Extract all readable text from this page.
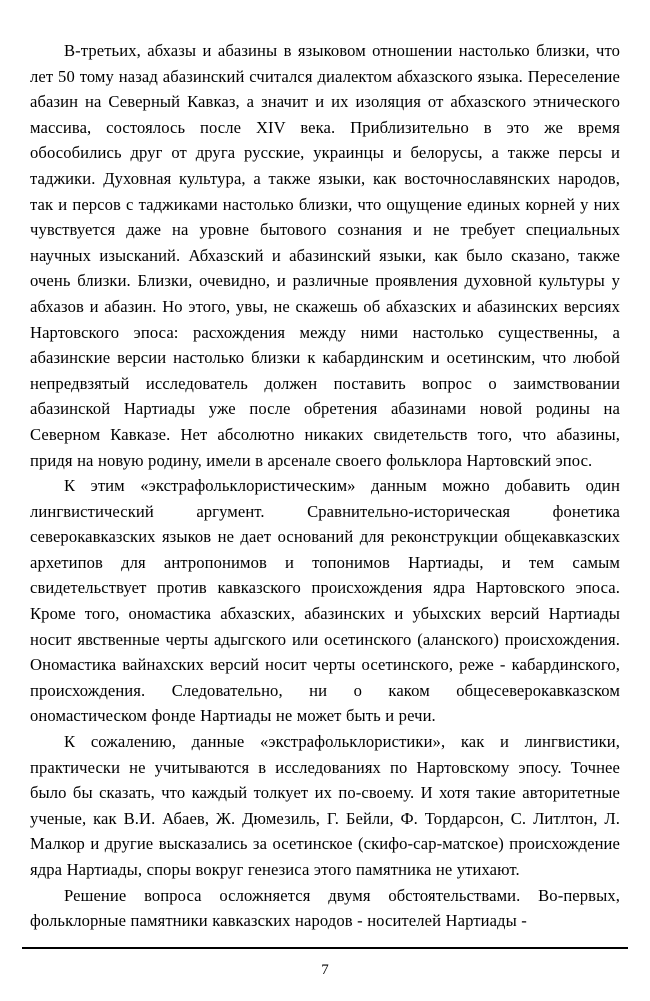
В-третьих, абхазы и абазины в языковом отношении настолько близки, что лет 50 тому назад абазинский считался диалектом абхазского языка. Переселение абазин на Северный Кавказ, а значит и их изоляция от абхазского этнического массива, состоялось после XIV века. Приблизительно в это же время обособились друг от друга русские, украинцы и белорусы, а также персы и таджики. Духовная культура, а также языки, как восточнославянских народов, так и персов с таджиками настолько близки, что ощущение единых корней у них чувствуется даже на уровне бытового сознания и не требует специальных научных изысканий. Абхазский и абазинский языки, как было сказано, также очень близки. Близки, очевидно, и различные проявления духовной культуры у абхазов и абазин. Но этого, увы, не скажешь об абхазских и абазинских версиях Нартовского эпоса: расхождения между ними настолько существенны, а абазинские версии настолько близки к кабардинским и осетинским, что любой непредвзятый исследователь должен поставить вопрос о заимствовании абазинской Нартиады уже после обретения абазинами новой родины на Северном Кавказе. Нет абсолютно никаких свидетельств того, что абазины, придя на новую родину, имели в арсенале своего фольклора Нартовский эпос.

К этим «экстрафольклористическим» данным можно добавить один лингвистический аргумент. Сравнительно-историческая фонетика северокавказских языков не дает оснований для реконструкции общекавказских архетипов для антропонимов и топонимов Нартиады, и тем самым свидетельствует против кавказского происхождения ядра Нартовского эпоса. Кроме того, ономастика абхазских, абазинских и убыхских версий Нартиады носит явственные черты адыгского или осетинского (аланского) происхождения. Ономастика вайнахских версий носит черты осетинского, реже - кабардинского, происхождения. Следовательно, ни о каком общесеверокавказском ономастическом фонде Нартиады не может быть и речи.

К сожалению, данные «экстрафольклористики», как и лингвистики, практически не учитываются в исследованиях по Нартовскому эпосу. Точнее было бы сказать, что каждый толкует их по-своему. И хотя такие авторитетные ученые, как В.И. Абаев, Ж. Дюмезиль, Г. Бейли, Ф. Тордарсон, С. Литлтон, Л. Малкор и другие высказались за осетинское (скифо-сар-матское) происхождение ядра Нартиады, споры вокруг генезиса этого памятника не утихают.

Решение вопроса осложняется двумя обстоятельствами. Во-первых, фольклорные памятники кавказских народов - носителей Нартиады -

7
